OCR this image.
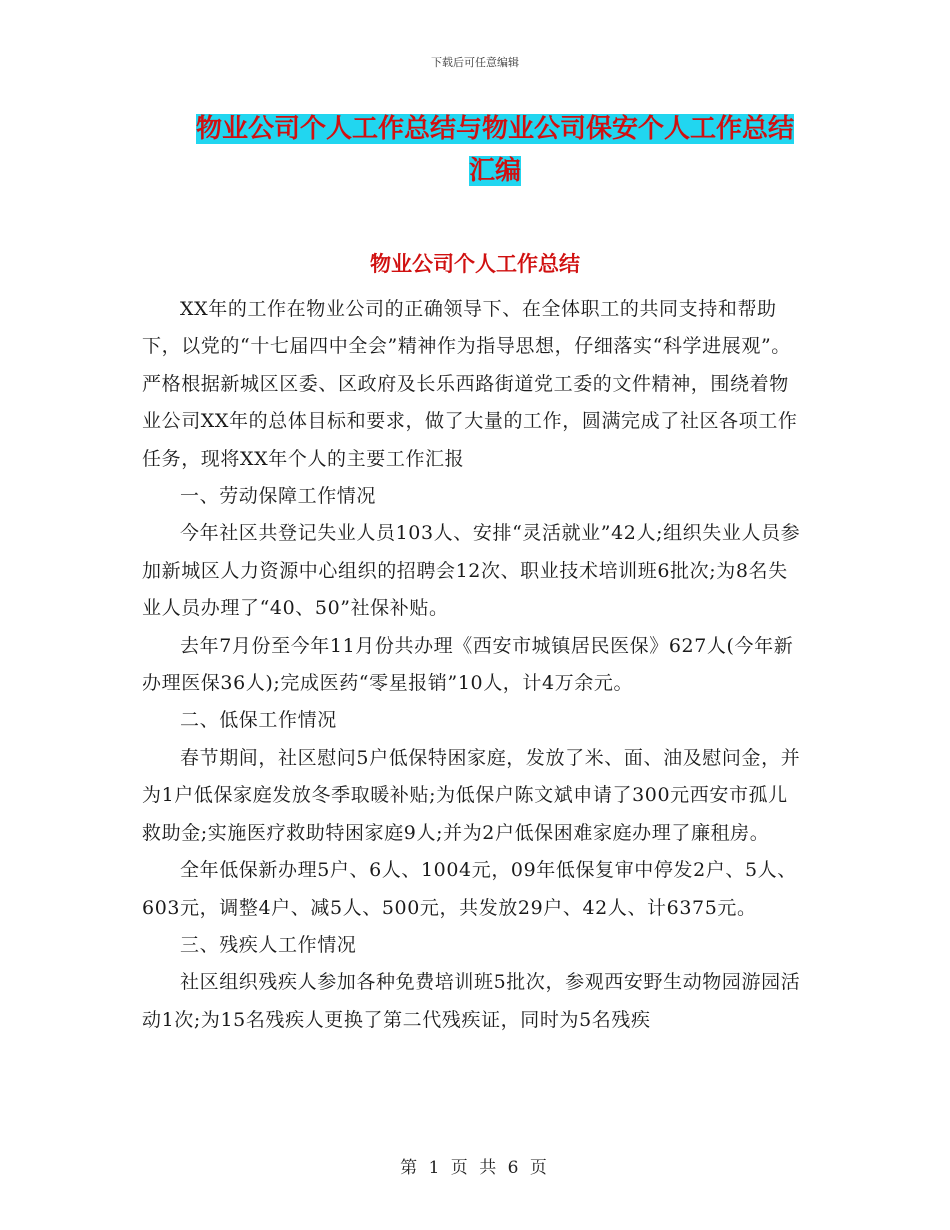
下载后可任意编辑
物业公司个人工作总结与物业公司保安个人工作总结
汇编
物业公司个人工作总结

XX年的工作在物业公司的正确领导下、在全体职工的共同支持和帮助下，以党的“十七届四中全会”精神作为指导思想，仔细落实“科学进展观”。严格根据新城区区委、区政府及长乐西路街道党工委的文件精神，围绕着物业公司XX年的总体目标和要求，做了大量的工作，圆满完成了社区各项工作任务，现将XX年个人的主要工作汇报

一、劳动保障工作情况

今年社区共登记失业人员103人、安排“灵活就业”42人;组织失业人员参加新城区人力资源中心组织的招聘会12次、职业技术培训班6批次;为8名失业人员办理了“40、50”社保补贴。

去年7月份至今年11月份共办理《西安市城镇居民医保》627人(今年新办理医保36人);完成医药“零星报销”10人，计4万余元。

二、低保工作情况

春节期间，社区慰问5户低保特困家庭，发放了米、面、油及慰问金，并为1户低保家庭发放冬季取暖补贴;为低保户陈文斌申请了300元西安市孤儿救助金;实施医疗救助特困家庭9人;并为2户低保困难家庭办理了廉租房。

全年低保新办理5户、6人、1004元，09年低保复审中停发2户、5人、603元，调整4户、减5人、500元，共发放29户、42人、计6375元。

三、残疾人工作情况

社区组织残疾人参加各种免费培训班5批次，参观西安野生动物园游园活动1次;为15名残疾人更换了第二代残疾证，同时为5名残疾

第 1 页 共 6 页
